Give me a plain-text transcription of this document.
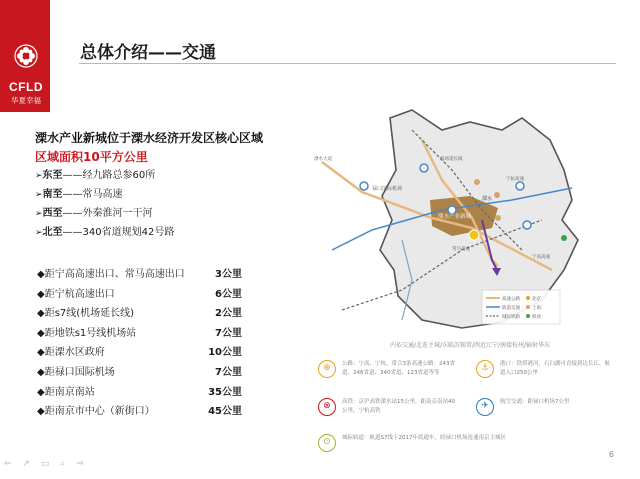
CFLD
华夏幸福
总体介绍——交通
溧水产业新城位于溧水经济开发区核心区域
区域面积10平方公里
➢东至——经九路总参60所
➢南至——常马高速
➢西至——外秦淮河一干河
➢北至——340省道规划42号路
◆距宁高高速出口、常马高速出口	3公里
◆距宁杭高速出口	6公里
◆距s7线(机场延长线)	2公里
◆距地铁s1号线机场站	7公里
◆距溧水区政府	10公里
◆距禄口国际机场	7公里
◆距南京南站	35公里
◆距南京市中心（新街口）	45公里
禄口国际机场
溧水产业新城
溧水
宁杭高速
机场延长线
宁高高速
常马高速
溧水大道
高速公路
轨道交通
城际铁路
北京
上海
机场
内依交通/北连主城/东临苏锡常/西近江宁/南接杭州/辐射华东
⊕	公路：宁高、宁杭、常合3条高速公路：243省道、246省道、340省道、123省道等等	⚓	港口：铁塔港河，石臼湖可直接到达长江，航道入口250公里
⊗	高铁：京沪高铁溧水站15公里，距南京南站40公里，宁杭高铁	✈	航空交通：距禄口机场7公里
⊙	城际轨道：轨道S7线于2017年底通车，经禄口机场连通南京主城区
6
⇐ ↗ ▭ ⌕ ⇒
